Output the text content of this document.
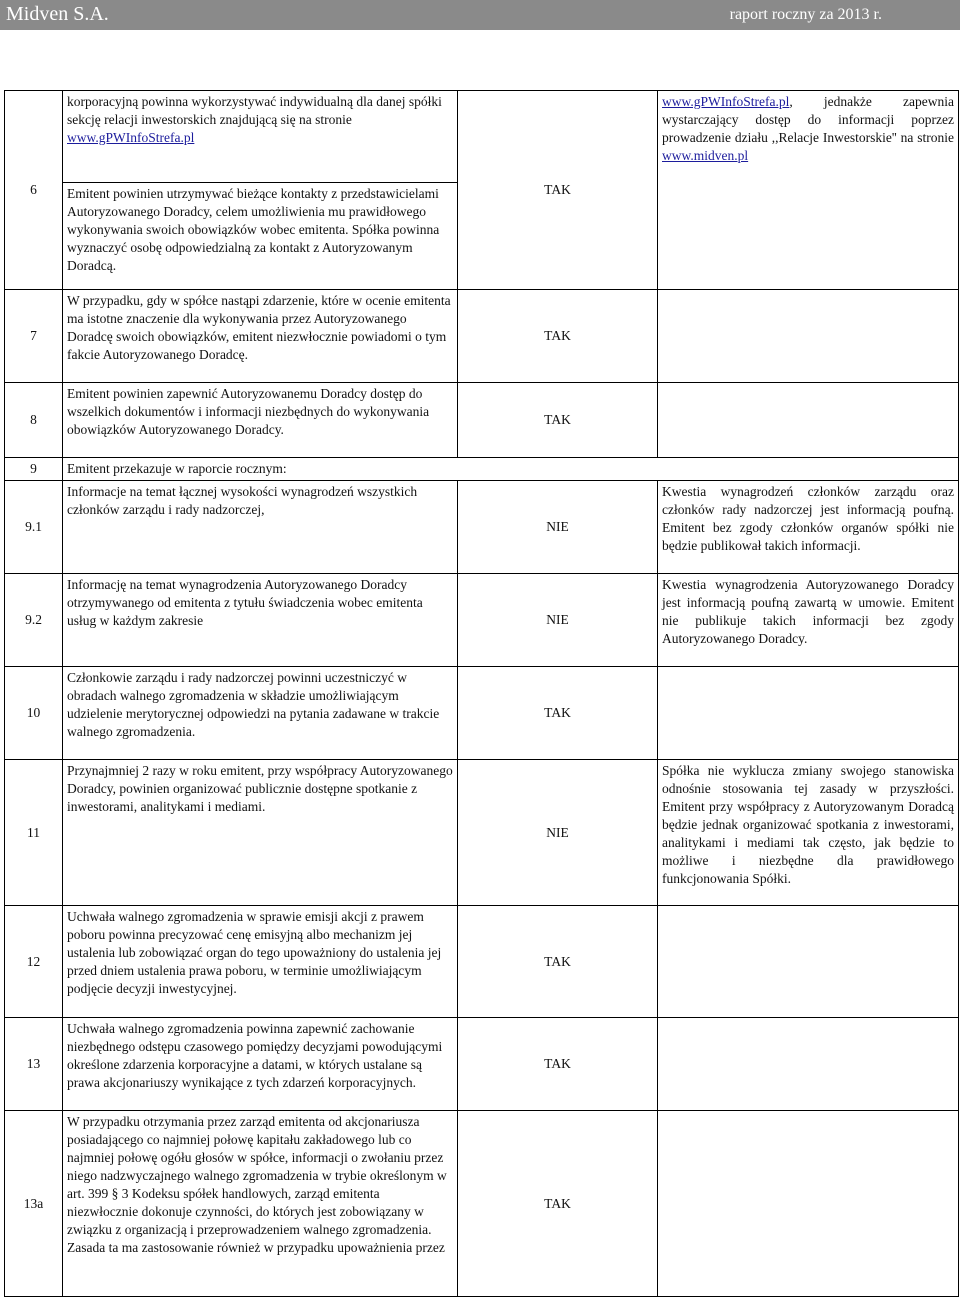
Midven S.A.	raport roczny za 2013 r.
6	korporacyjną powinna wykorzystywać indywidualną dla danej spółki sekcję relacji inwestorskich znajdującą się na stronie www.gPWInfoStrefa.pl	TAK	www.gPWInfoStrefa.pl, jednakże zapewnia wystarczający dostęp do informacji poprzez prowadzenie działu ,,Relacje Inwestorskie'' na stronie www.midven.pl
	Emitent powinien utrzymywać bieżące kontakty z przedstawicielami Autoryzowanego Doradcy, celem umożliwienia mu prawidłowego wykonywania swoich obowiązków wobec emitenta. Spółka powinna wyznaczyć osobę odpowiedzialną za kontakt z Autoryzowanym Doradcą.		
7	W przypadku, gdy w spółce nastąpi zdarzenie, które w ocenie emitenta ma istotne znaczenie dla wykonywania przez Autoryzowanego Doradcę swoich obowiązków, emitent niezwłocznie powiadomi o tym fakcie Autoryzowanego Doradcę.	TAK	
8	Emitent powinien zapewnić Autoryzowanemu Doradcy dostęp do wszelkich dokumentów i informacji niezbędnych do wykonywania obowiązków Autoryzowanego Doradcy.	TAK	
9	Emitent przekazuje w raporcie rocznym:		
9.1	Informacje na temat łącznej wysokości wynagrodzeń wszystkich członków zarządu i rady nadzorczej,	NIE	Kwestia wynagrodzeń członków zarządu oraz członków rady nadzorczej jest informacją poufną. Emitent bez zgody członków organów spółki nie będzie publikował takich informacji.
9.2	Informację na temat wynagrodzenia Autoryzowanego Doradcy otrzymywanego od emitenta z tytułu świadczenia wobec emitenta usług w każdym zakresie	NIE	Kwestia wynagrodzenia Autoryzowanego Doradcy jest informacją poufną zawartą w umowie. Emitent nie publikuje takich informacji bez zgody Autoryzowanego Doradcy.
10	Członkowie zarządu i rady nadzorczej powinni uczestniczyć w obradach walnego zgromadzenia w składzie umożliwiającym udzielenie merytorycznej odpowiedzi na pytania zadawane w trakcie walnego zgromadzenia.	TAK	
11	Przynajmniej 2 razy w roku emitent, przy współpracy Autoryzowanego Doradcy, powinien organizować publicznie dostępne spotkanie z inwestorami, analitykami i mediami.	NIE	Spółka nie wyklucza zmiany swojego stanowiska odnośnie stosowania tej zasady w przyszłości. Emitent przy współpracy z Autoryzowanym Doradcą będzie jednak organizować spotkania z inwestorami, analitykami i mediami tak często, jak będzie to możliwe i niezbędne dla prawidłowego funkcjonowania Spółki.
12	Uchwała walnego zgromadzenia w sprawie emisji akcji z prawem poboru powinna precyzować cenę emisyjną albo mechanizm jej ustalenia lub zobowiązać organ do tego upoważniony do ustalenia jej przed dniem ustalenia prawa poboru, w terminie umożliwiającym podjęcie decyzji inwestycyjnej.	TAK	
13	Uchwała walnego zgromadzenia powinna zapewnić zachowanie niezbędnego odstępu czasowego pomiędzy decyzjami powodującymi określone zdarzenia korporacyjne a datami, w których ustalane są prawa akcjonariuszy wynikające z tych zdarzeń korporacyjnych.	TAK	
13a	W przypadku otrzymania przez zarząd emitenta od akcjonariusza posiadającego co najmniej połowę kapitału zakładowego lub co najmniej połowę ogółu głosów w spółce, informacji o zwołaniu przez niego nadzwyczajnego walnego zgromadzenia w trybie określonym w art. 399 § 3 Kodeksu spółek handlowych, zarząd emitenta niezwłocznie dokonuje czynności, do których jest zobowiązany w związku z organizacją i przeprowadzeniem walnego zgromadzenia. Zasada ta ma zastosowanie również w przypadku upoważnienia przez	TAK	
